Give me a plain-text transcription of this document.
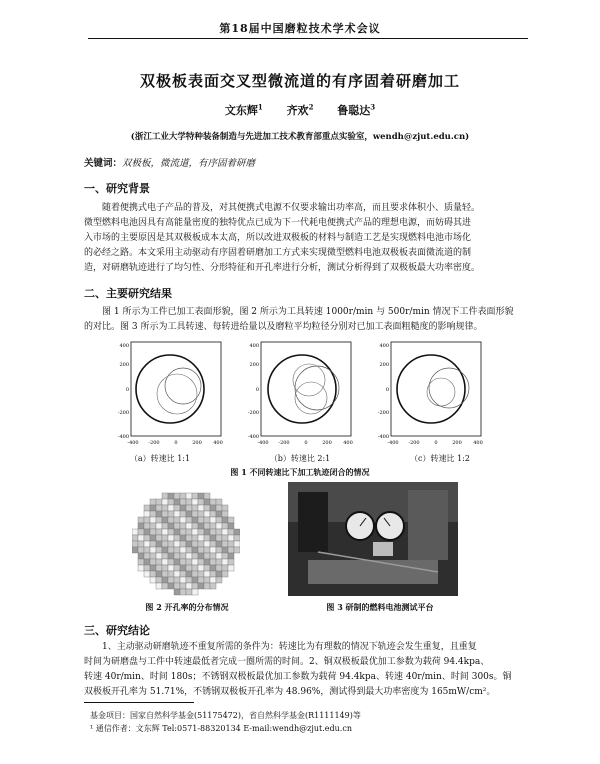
第18届中国磨粒技术学术会议
双极板表面交叉型微流道的有序固着研磨加工
文东辉$^1$ 齐欢$^2$ 鲁聪达$^3$
(浙江工业大学特种装备制造与先进加工技术教育部重点实验室，wendh@zjut.edu.cn)
关键词：双极板，微流道，有序固着研磨
一、研究背景
随着便携式电子产品的普及，对其便携式电源不仅要求输出功率高，而且要求体积小、质量轻。
微型燃料电池因具有高能量密度的独特优点已成为下一代耗电便携式产品的理想电源，而妨碍其进
入市场的主要原因是其双极板成本太高，所以改进双极板的材料与制造工艺是实现燃料电池市场化
的必经之路。本文采用主动驱动有序固着研磨加工方式来实现微型燃料电池双极板表面微流道的制
造，对研磨轨迹进行了均匀性、分形特征和开孔率进行分析，测试分析得到了双极板最大功率密度。
二、主要研究结果
图 1 所示为工件已加工表面形貌，图 2 所示为工具转速 1000r/min 与 500r/min 情况下工件表面形貌
的对比。图 3 所示为工具转速、每转进给量以及磨粒平均粒径分别对已加工表面粗糙度的影响规律。
400
200
0
-200
-400
-400 -200	0	200 400
（a）转速比 1:1
400
200
0
-200
-400
-400 -200	0	200 400
（b）转速比 2:1
400
200
0
-200
-400
-400 -200	0	200 400
（c）转速比 1:2
图 1 不同转速比下加工轨迹闭合的情况
图 2 开孔率的分布情况	图 3 研制的燃料电池测试平台
三、研究结论
1、主动驱动研磨轨迹不重复所需的条件为：转速比为有理数的情况下轨迹会发生重复，且重复
时间为研磨盘与工件中转速最低者完成一圈所需的时间。2、铜双极板最优加工参数为载荷 94.4kpa、
转速 40r/min、时间 180s；不锈钢双极板最优加工参数为载荷 94.4kpa、转速 40r/min、时间 300s。铜
双极板开孔率为 51.71%，不锈钢双极板开孔率为 48.96%，测试得到最大功率密度为 165mW/cm²。
基金项目：国家自然科学基金(51175472)，省自然科学基金(R1111149)等
¹ 通信作者：文东辉 Tel:0571-88320134 E-mail:wendh@zjut.edu.cn
